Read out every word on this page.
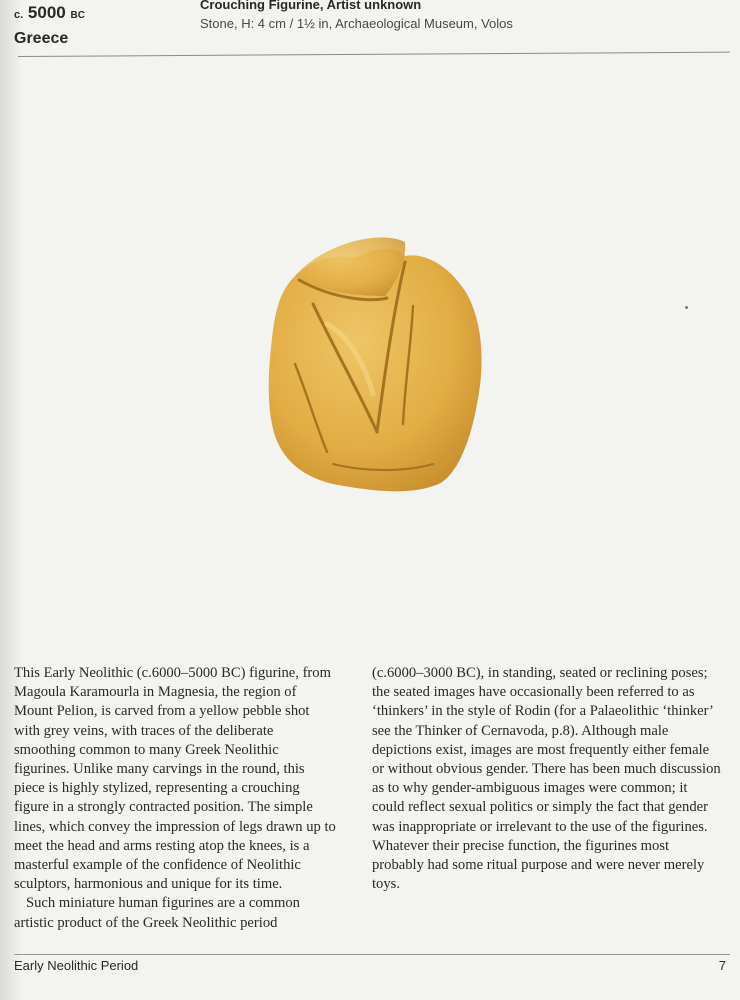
c. 5000 BC
Greece
Crouching Figurine, Artist unknown
Stone, H: 4 cm / 1½ in, Archaeological Museum, Volos

This Early Neolithic (c.6000–5000 BC) figurine, from Magoula Karamourla in Magnesia, the region of Mount Pelion, is carved from a yellow pebble shot with grey veins, with traces of the deliberate smoothing common to many Greek Neolithic figurines. Unlike many carvings in the round, this piece is highly stylized, representing a crouching figure in a strongly contracted position. The simple lines, which convey the impression of legs drawn up to meet the head and arms resting atop the knees, is a masterful example of the confidence of Neolithic sculptors, harmonious and unique for its time.

Such miniature human figurines are a common artistic product of the Greek Neolithic period

(c.6000–3000 BC), in standing, seated or reclining poses; the seated images have occasionally been referred to as ‘thinkers’ in the style of Rodin (for a Palaeolithic ‘thinker’ see the Thinker of Cernavoda, p.8). Although male depictions exist, images are most frequently either female or without obvious gender. There has been much discussion as to why gender-ambiguous images were common; it could reflect sexual politics or simply the fact that gender was inappropriate or irrelevant to the use of the figurines. Whatever their precise function, the figurines most probably had some ritual purpose and were never merely toys.

Early Neolithic Period	7
